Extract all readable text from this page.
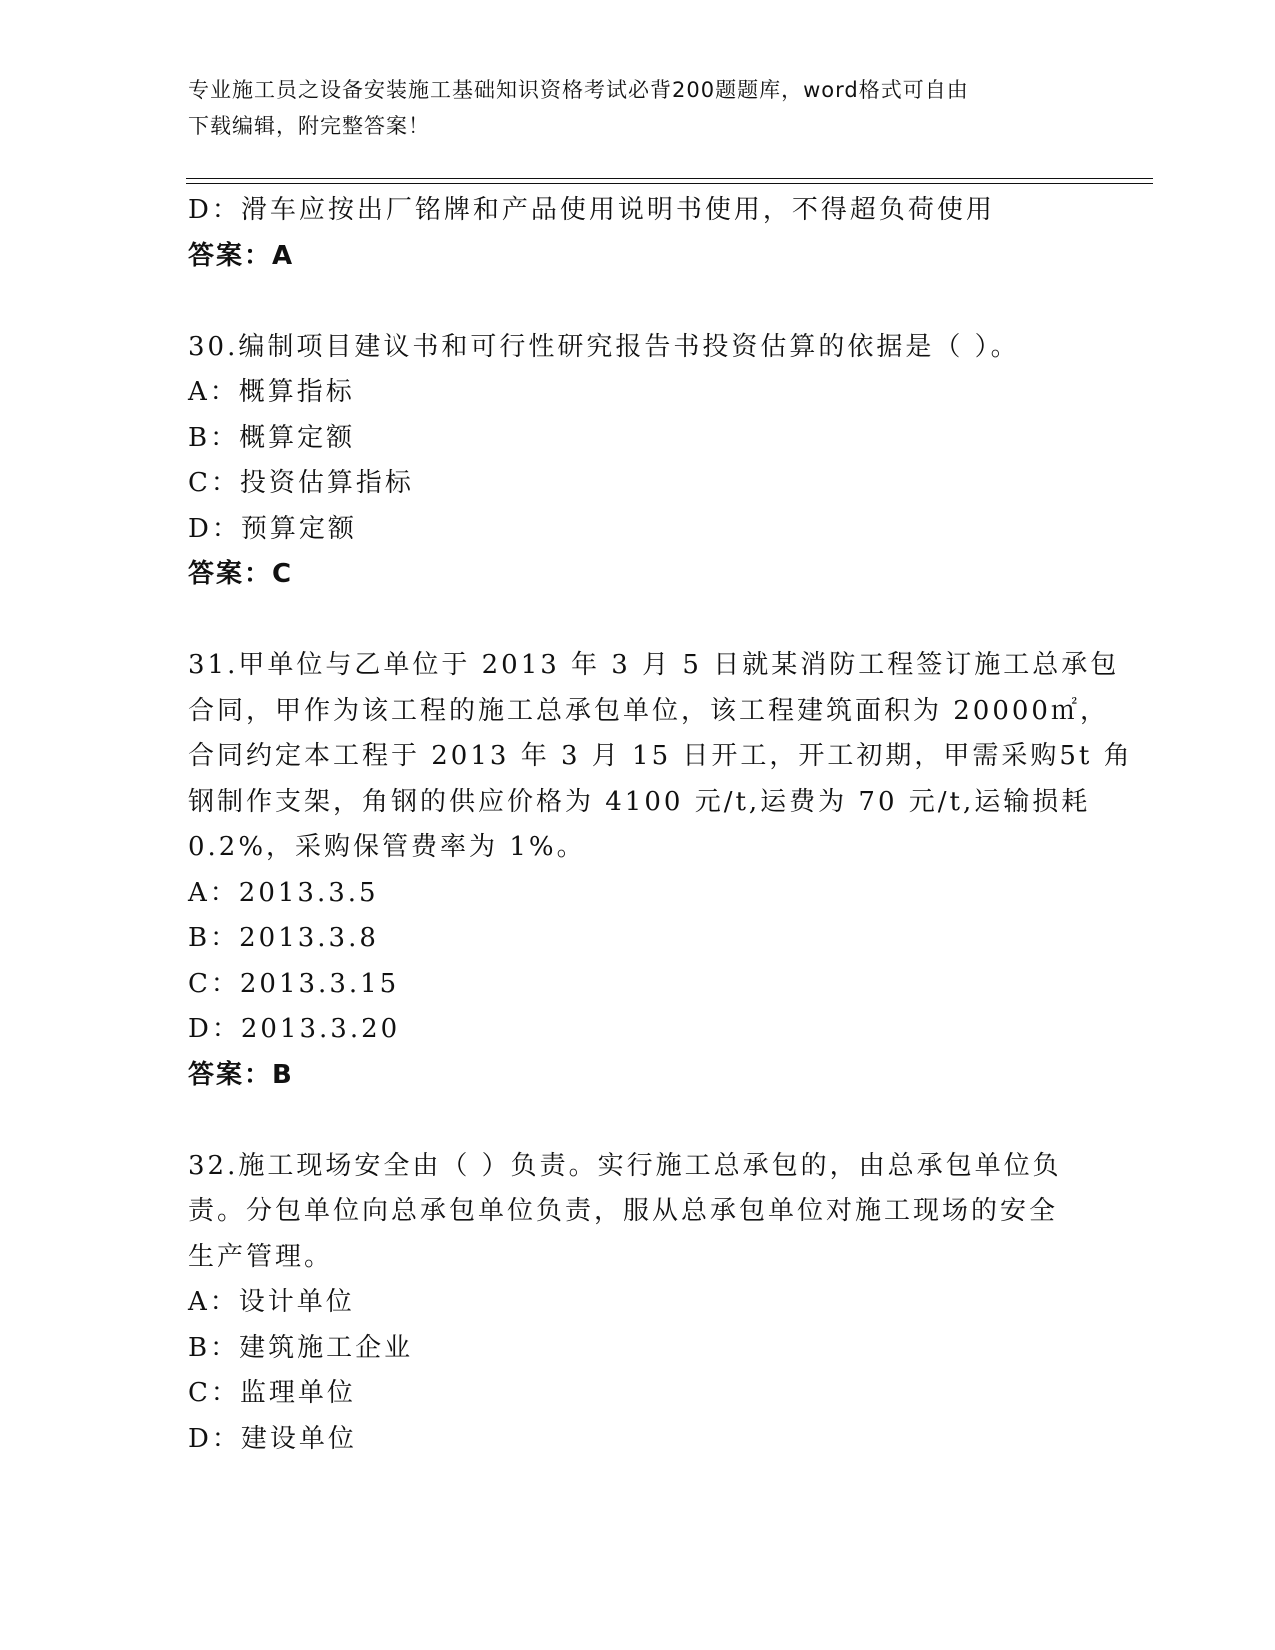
专业施工员之设备安装施工基础知识资格考试必背200题题库，word格式可自由
下载编辑，附完整答案！

D：滑车应按出厂铭牌和产品使用说明书使用，不得超负荷使用

答案：A

30.编制项目建议书和可行性研究报告书投资估算的依据是（ ）。

A：概算指标

B：概算定额

C：投资估算指标

D：预算定额

答案：C

31.甲单位与乙单位于 2013 年 3 月 5 日就某消防工程签订施工总承包

合同，甲作为该工程的施工总承包单位，该工程建筑面积为 20000㎡，

合同约定本工程于 2013 年 3 月 15 日开工，开工初期，甲需采购5t 角

钢制作支架，角钢的供应价格为 4100 元/t,运费为 70 元/t,运输损耗

0.2%，采购保管费率为 1%。

A：2013.3.5

B：2013.3.8

C：2013.3.15

D：2013.3.20

答案：B

32.施工现场安全由（ ）负责。实行施工总承包的，由总承包单位负

责。分包单位向总承包单位负责，服从总承包单位对施工现场的安全

生产管理。

A：设计单位

B：建筑施工企业

C：监理单位

D：建设单位
